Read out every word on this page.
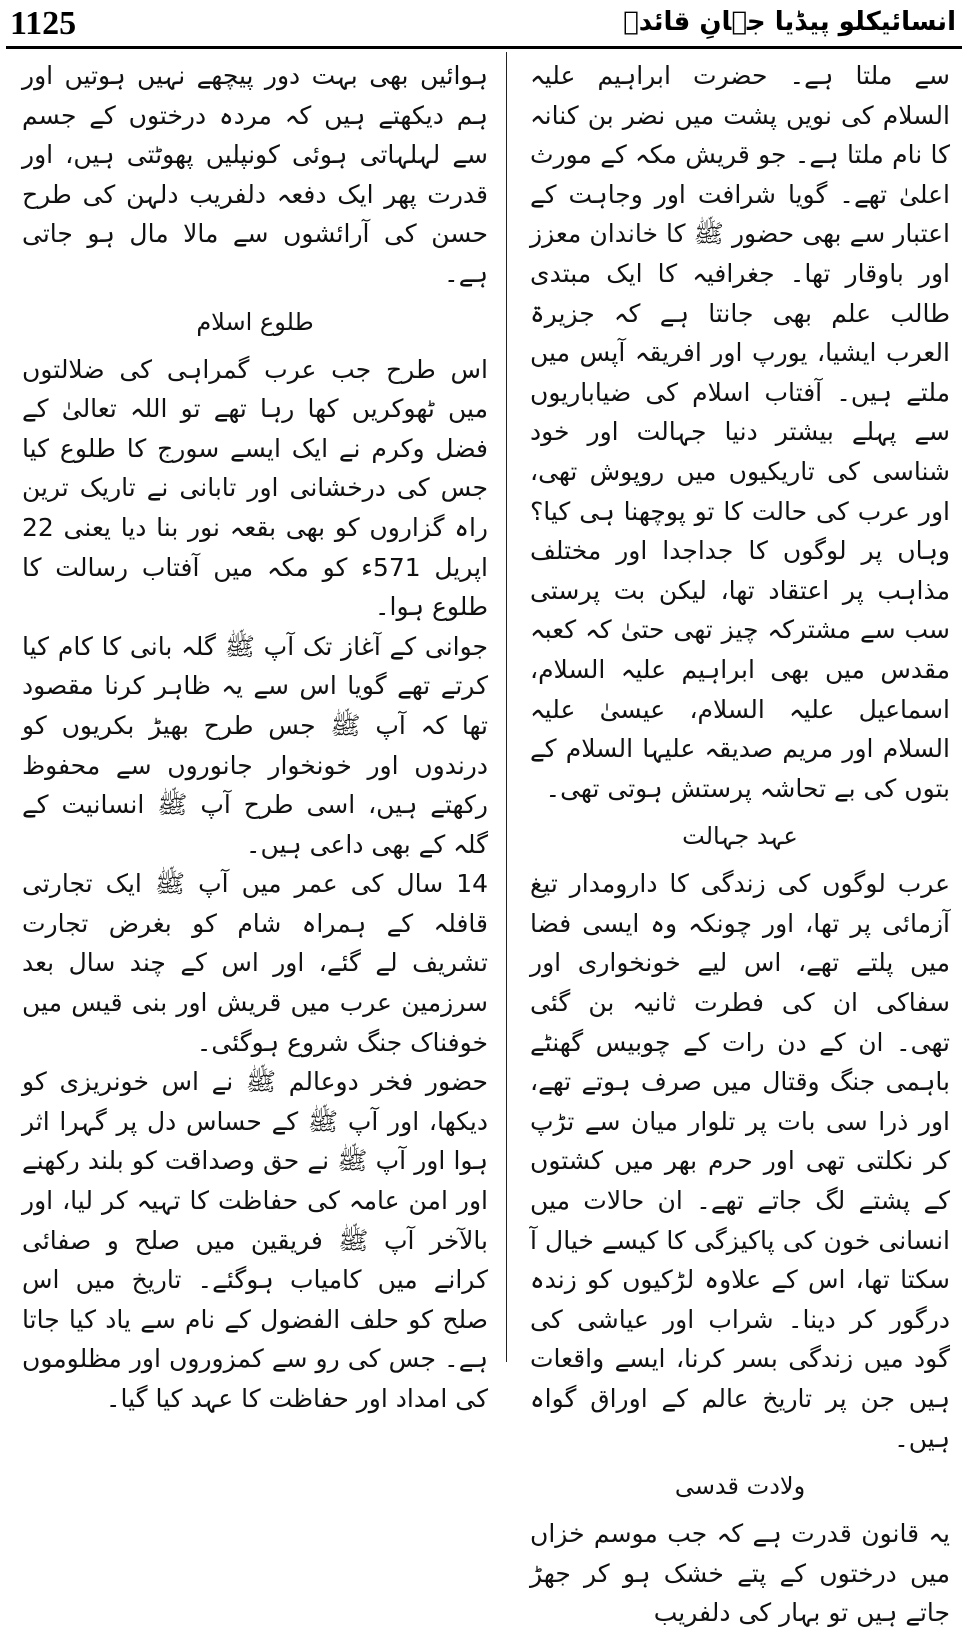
1125	انسائیکلو پیڈیا جہانِ قائدؒ

سے ملتا ہے۔ حضرت ابراہیم علیہ السلام کی نویں پشت میں نضر بن کنانہ کا نام ملتا ہے۔ جو قریش مکہ کے مورث اعلیٰ تھے۔ گویا شرافت اور وجاہت کے اعتبار سے بھی حضور ﷺ کا خاندان معزز اور باوقار تھا۔ جغرافیہ کا ایک مبتدی طالب علم بھی جانتا ہے کہ جزیرۃ العرب ایشیا، یورپ اور افریقہ آپس میں ملتے ہیں۔ آفتاب اسلام کی ضیاباریوں سے پہلے بیشتر دنیا جہالت اور خود شناسی کی تاریکیوں میں روپوش تھی، اور عرب کی حالت کا تو پوچھنا ہی کیا؟ وہاں پر لوگوں کا جداجدا اور مختلف مذاہب پر اعتقاد تھا، لیکن بت پرستی سب سے مشترکہ چیز تھی حتیٰ کہ کعبہ مقدس میں بھی ابراہیم علیہ السلام، اسماعیل علیہ السلام، عیسیٰ علیہ السلام اور مریم صدیقہ علیہا السلام کے بتوں کی بے تحاشہ پرستش ہوتی تھی۔

عہد جہالت

عرب لوگوں کی زندگی کا دارومدار تیغ آزمائی پر تھا، اور چونکہ وہ ایسی فضا میں پلتے تھے، اس لیے خونخواری اور سفاکی ان کی فطرت ثانیہ بن گئی تھی۔ ان کے دن رات کے چوبیس گھنٹے باہمی جنگ وقتال میں صرف ہوتے تھے، اور ذرا سی بات پر تلوار میان سے تڑپ کر نکلتی تھی اور حرم بھر میں کشتوں کے پشتے لگ جاتے تھے۔ ان حالات میں انسانی خون کی پاکیزگی کا کیسے خیال آ سکتا تھا، اس کے علاوہ لڑکیوں کو زندہ درگور کر دینا۔ شراب اور عیاشی کی گود میں زندگی بسر کرنا، ایسے واقعات ہیں جن پر تاریخ عالم کے اوراق گواہ ہیں۔

ولادت قدسی

یہ قانون قدرت ہے کہ جب موسم خزاں میں درختوں کے پتے خشک ہو کر جھڑ جاتے ہیں تو بہار کی دلفریب

ہوائیں بھی بہت دور پیچھے نہیں ہوتیں اور ہم دیکھتے ہیں کہ مردہ درختوں کے جسم سے لہلہاتی ہوئی کونپلیں پھوٹتی ہیں، اور قدرت پھر ایک دفعہ دلفریب دلہن کی طرح حسن کی آرائشوں سے مالا مال ہو جاتی ہے۔

طلوع اسلام

اس طرح جب عرب گمراہی کی ضلالتوں میں ٹھوکریں کھا رہا تھے تو اللہ تعالیٰ کے فضل وکرم نے ایک ایسے سورج کا طلوع کیا جس کی درخشانی اور تابانی نے تاریک ترین راہ گزاروں کو بھی بقعہ نور بنا دیا یعنی 22 اپریل 571ء کو مکہ میں آفتاب رسالت کا طلوع ہوا۔

جوانی کے آغاز تک آپ ﷺ گلہ بانی کا کام کیا کرتے تھے گویا اس سے یہ ظاہر کرنا مقصود تھا کہ آپ ﷺ جس طرح بھیڑ بکریوں کو درندوں اور خونخوار جانوروں سے محفوظ رکھتے ہیں، اسی طرح آپ ﷺ انسانیت کے گلہ کے بھی داعی ہیں۔

14 سال کی عمر میں آپ ﷺ ایک تجارتی قافلہ کے ہمراہ شام کو بغرض تجارت تشریف لے گئے، اور اس کے چند سال بعد سرزمین عرب میں قریش اور بنی قیس میں خوفناک جنگ شروع ہوگئی۔

حضور فخر دوعالم ﷺ نے اس خونریزی کو دیکھا، اور آپ ﷺ کے حساس دل پر گہرا اثر ہوا اور آپ ﷺ نے حق وصداقت کو بلند رکھنے اور امن عامہ کی حفاظت کا تہیہ کر لیا، اور بالآخر آپ ﷺ فریقین میں صلح و صفائی کرانے میں کامیاب ہوگئے۔ تاریخ میں اس صلح کو حلف الفضول کے نام سے یاد کیا جاتا ہے۔ جس کی رو سے کمزوروں اور مظلوموں کی امداد اور حفاظت کا عہد کیا گیا۔
